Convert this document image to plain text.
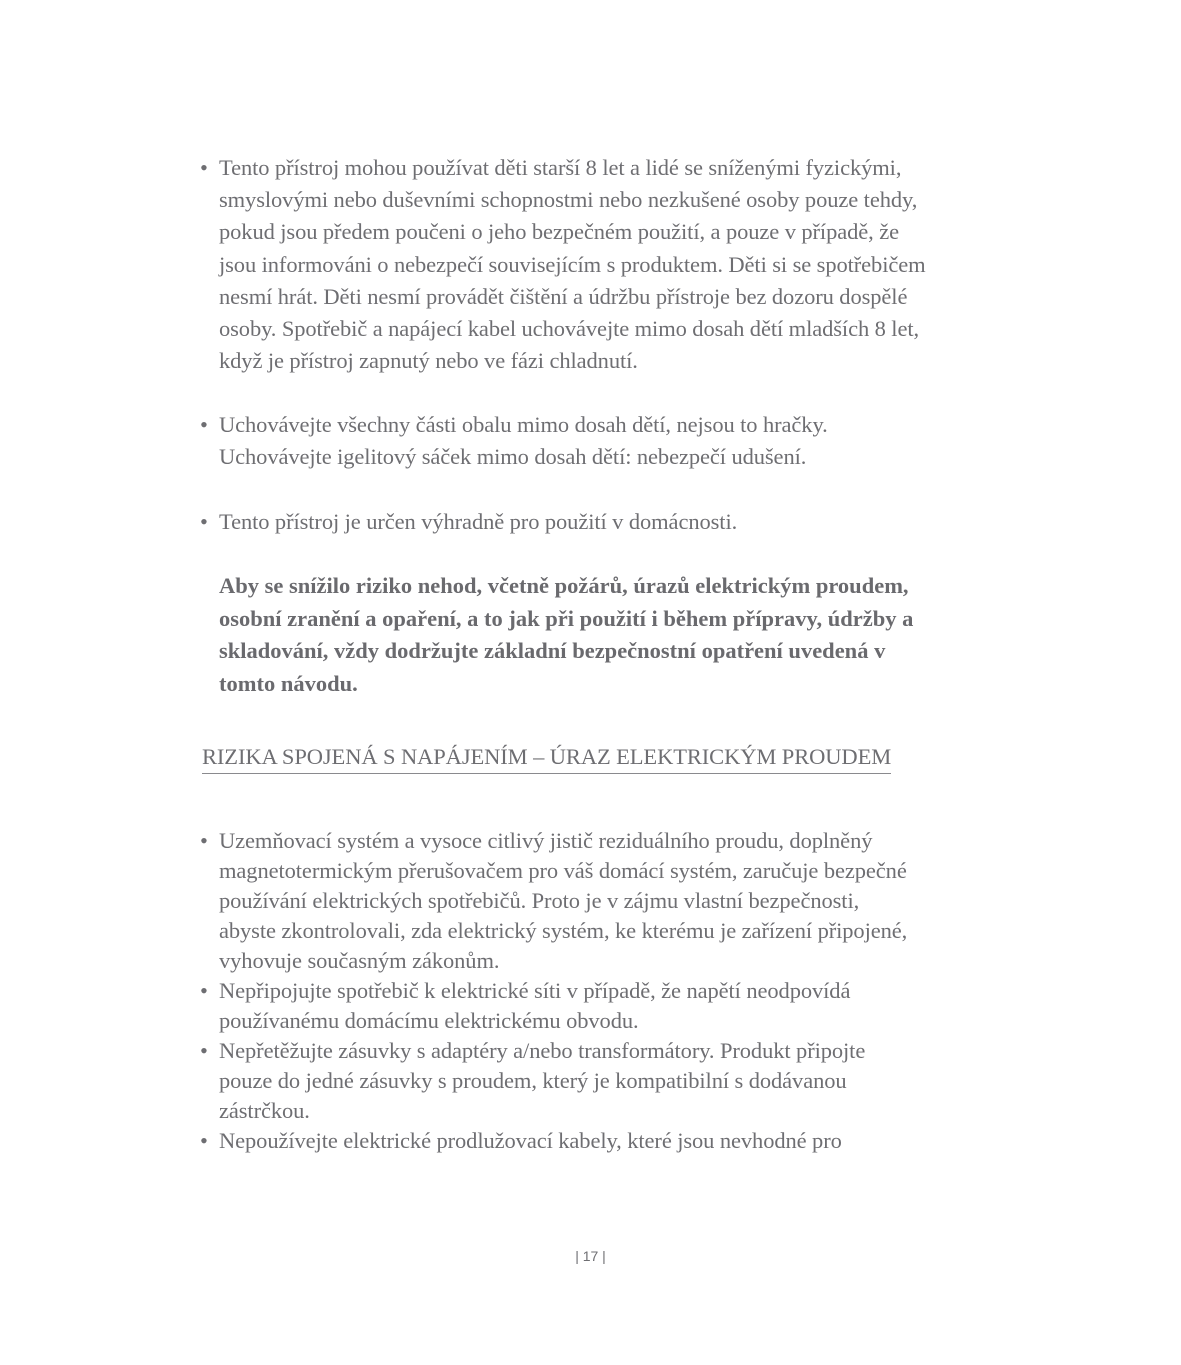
• Tento přístroj mohou používat děti starší 8 let a lidé se sníženými fyzickými,
smyslovými nebo duševními schopnostmi nebo nezkušené osoby pouze tehdy,
pokud jsou předem poučeni o jeho bezpečném použití, a pouze v případě, že
jsou informováni o nebezpečí souvisejícím s produktem. Děti si se spotřebičem
nesmí hrát. Děti nesmí provádět čištění a údržbu přístroje bez dozoru dospělé
osoby. Spotřebič a napájecí kabel uchovávejte mimo dosah dětí mladších 8 let,
když je přístroj zapnutý nebo ve fázi chladnutí.
• Uchovávejte všechny části obalu mimo dosah dětí, nejsou to hračky.
Uchovávejte igelitový sáček mimo dosah dětí: nebezpečí udušení.
• Tento přístroj je určen výhradně pro použití v domácnosti.
Aby se snížilo riziko nehod, včetně požárů, úrazů elektrickým proudem,
osobní zranění a opaření, a to jak při použití i během přípravy, údržby a
skladování, vždy dodržujte základní bezpečnostní opatření uvedená v
tomto návodu.
RIZIKA SPOJENÁ S NAPÁJENÍM – ÚRAZ ELEKTRICKÝM PROUDEM
• Uzemňovací systém a vysoce citlivý jistič reziduálního proudu, doplněný
magnetotermickým přerušovačem pro váš domácí systém, zaručuje bezpečné
používání elektrických spotřebičů. Proto je v zájmu vlastní bezpečnosti,
abyste zkontrolovali, zda elektrický systém, ke kterému je zařízení připojené,
vyhovuje současným zákonům.
• Nepřipojujte spotřebič k elektrické síti v případě, že napětí neodpovídá
používanému domácímu elektrickému obvodu.
• Nepřetěžujte zásuvky s adaptéry a/nebo transformátory. Produkt připojte
pouze do jedné zásuvky s proudem, který je kompatibilní s dodávanou
zástrčkou.
• Nepoužívejte elektrické prodlužovací kabely, které jsou nevhodné pro
| 17 |
